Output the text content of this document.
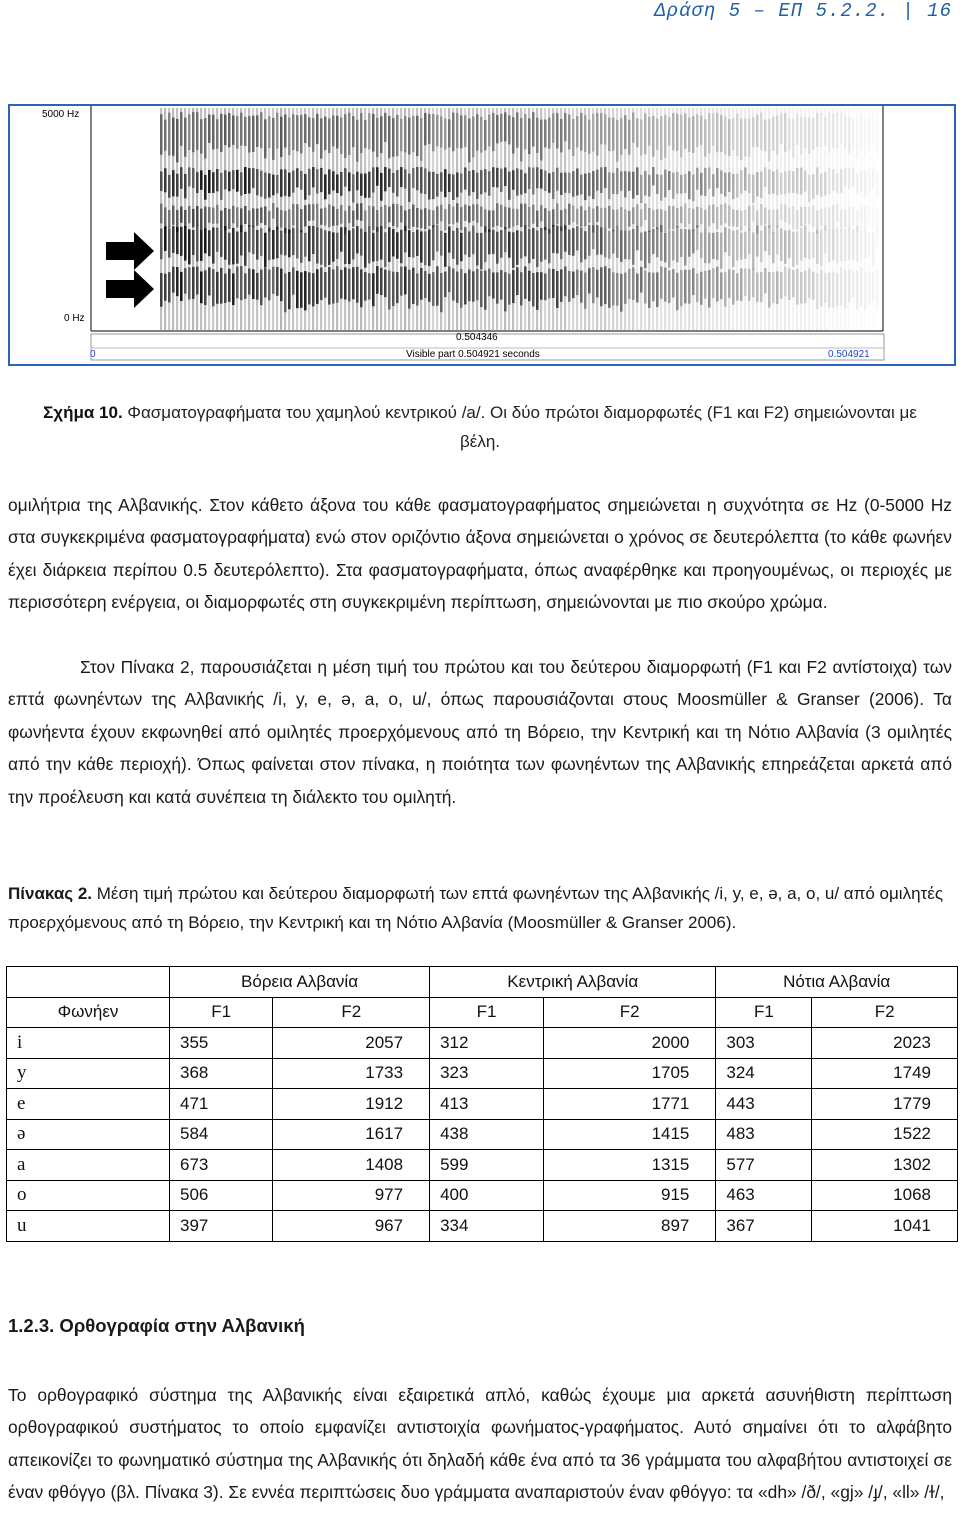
Δράση 5 – ΕΠ 5.2.2. | 16
5000 Hz
0 Hz
0.504346
0	Visible part 0.504921 seconds	0.504921
Σχήμα 10. Φασματογραφήματα του χαμηλού κεντρικού /a/. Οι δύο πρώτοι διαμορφωτές (F1 και F2) σημειώνονται με βέλη.
ομιλήτρια της Αλβανικής. Στον κάθετο άξονα του κάθε φασματογραφήματος σημειώνεται η συχνότητα σε Hz (0-5000 Hz στα συγκεκριμένα φασματογραφήματα) ενώ στον οριζόντιο άξονα σημειώνεται ο χρόνος σε δευτερόλεπτα (το κάθε φωνήεν έχει διάρκεια περίπου 0.5 δευτερόλεπτο). Στα φασματογραφήματα, όπως αναφέρθηκε και προηγουμένως, οι περιοχές με περισσότερη ενέργεια, οι διαμορφωτές στη συγκεκριμένη περίπτωση, σημειώνονται με πιο σκούρο χρώμα.
Στον Πίνακα 2, παρουσιάζεται η μέση τιμή του πρώτου και του δεύτερου διαμορφωτή (F1 και F2 αντίστοιχα) των επτά φωνηέντων της Αλβανικής /i, y, e, ə, a, o, u/, όπως παρουσιάζονται στους Moosmüller & Granser (2006). Τα φωνήεντα έχουν εκφωνηθεί από ομιλητές προερχόμενους από τη Βόρειο, την Κεντρική και τη Νότιο Αλβανία (3 ομιλητές από την κάθε περιοχή). Όπως φαίνεται στον πίνακα, η ποιότητα των φωνηέντων της Αλβανικής επηρεάζεται αρκετά από την προέλευση και κατά συνέπεια τη διάλεκτο του ομιλητή.
Πίνακας 2. Μέση τιμή πρώτου και δεύτερου διαμορφωτή των επτά φωνηέντων της Αλβανικής /i, y, e, ə, a, o, u/ από ομιλητές προερχόμενους από τη Βόρειο, την Κεντρική και τη Νότιο Αλβανία (Moosmüller & Granser 2006).
	Βόρεια Αλβανία		Κεντρική Αλβανία		Νότια Αλβανία	
Φωνήεν	F1	F2	F1	F2	F1	F2
i	355	2057	312	2000	303	2023
y	368	1733	323	1705	324	1749
e	471	1912	413	1771	443	1779
ə	584	1617	438	1415	483	1522
a	673	1408	599	1315	577	1302
o	506	977	400	915	463	1068
u	397	967	334	897	367	1041
1.2.3. Ορθογραφία στην Αλβανική
Το ορθογραφικό σύστημα της Αλβανικής είναι εξαιρετικά απλό, καθώς έχουμε μια αρκετά ασυνήθιστη περίπτωση ορθογραφικού συστήματος το οποίο εμφανίζει αντιστοιχία φωνήματος-γραφήματος. Αυτό σημαίνει ότι το αλφάβητο απεικονίζει το φωνηματικό σύστημα της Αλβανικής ότι δηλαδή κάθε ένα από τα 36 γράμματα του αλφαβήτου αντιστοιχεί σε έναν φθόγγο (βλ. Πίνακα 3). Σε εννέα περιπτώσεις δυο γράμματα αναπαριστούν έναν φθόγγο: τα «dh» /ð/, «gj» /ɟ/, «ll» /ɫ/,
